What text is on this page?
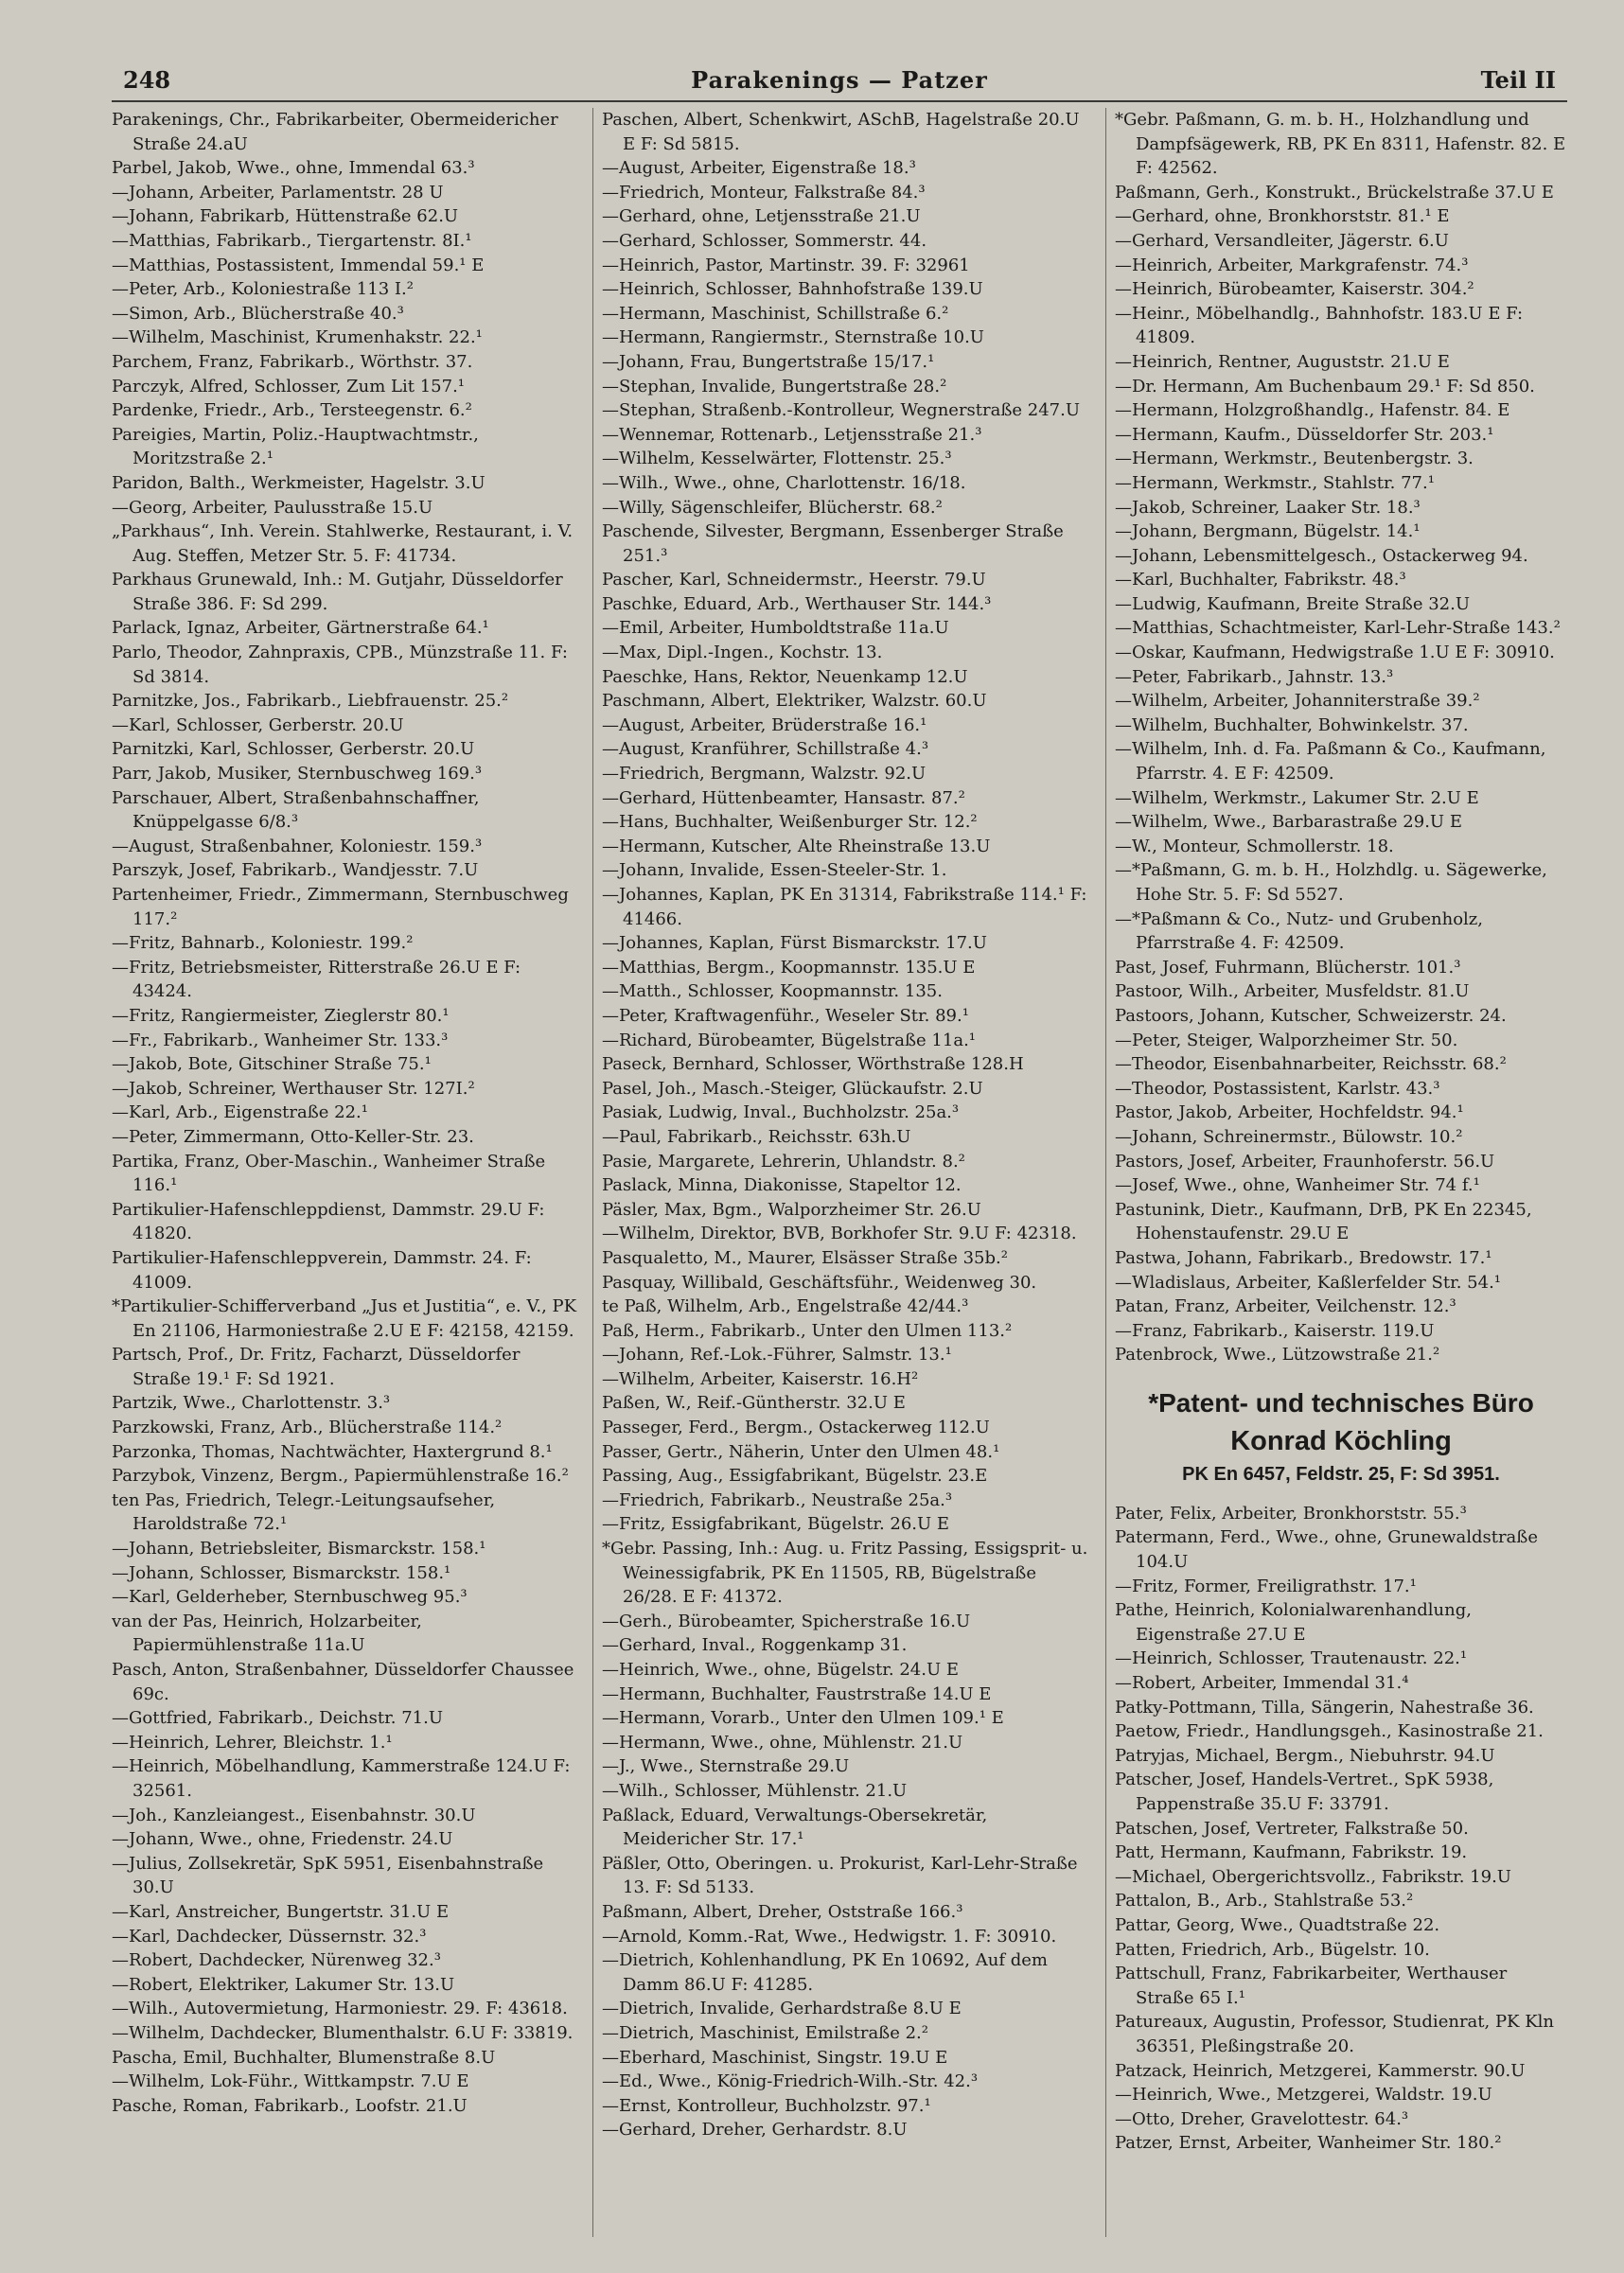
248	Parakenings — Patzer	Teil II
Parakenings, Chr., Fabrikarbeiter, Obermeidericher Straße 24.aU
Parbel, Jakob, Wwe., ohne, Immendal 63.³
—Johann, Arbeiter, Parlamentstr. 28 U
—Johann, Fabrikarb, Hüttenstraße 62.U
—Matthias, Fabrikarb., Tiergartenstr. 8I.¹
—Matthias, Postassistent, Immendal 59.¹ E
—Peter, Arb., Koloniestraße 113 I.²
—Simon, Arb., Blücherstraße 40.³
—Wilhelm, Maschinist, Krumenhakstr. 22.¹
Parchem, Franz, Fabrikarb., Wörthstr. 37.
Parczyk, Alfred, Schlosser, Zum Lit 157.¹
Pardenke, Friedr., Arb., Tersteegenstr. 6.²
Pareigies, Martin, Poliz.-Hauptwachtmstr., Moritzstraße 2.¹
Paridon, Balth., Werkmeister, Hagelstr. 3.U
—Georg, Arbeiter, Paulusstraße 15.U
„Parkhaus“, Inh. Verein. Stahlwerke, Restaurant, i. V. Aug. Steffen, Metzer Str. 5. F: 41734.
Parkhaus Grunewald, Inh.: M. Gutjahr, Düsseldorfer Straße 386. F: Sd 299.
Parlack, Ignaz, Arbeiter, Gärtnerstraße 64.¹
Parlo, Theodor, Zahnpraxis, CPB., Münzstraße 11. F: Sd 3814.
Parnitzke, Jos., Fabrikarb., Liebfrauenstr. 25.²
—Karl, Schlosser, Gerberstr. 20.U
Parnitzki, Karl, Schlosser, Gerberstr. 20.U
Parr, Jakob, Musiker, Sternbuschweg 169.³
Parschauer, Albert, Straßenbahnschaffner, Knüppelgasse 6/8.³
—August, Straßenbahner, Koloniestr. 159.³
Parszyk, Josef, Fabrikarb., Wandjesstr. 7.U
Partenheimer, Friedr., Zimmermann, Sternbuschweg 117.²
—Fritz, Bahnarb., Koloniestr. 199.²
—Fritz, Betriebsmeister, Ritterstraße 26.U E F: 43424.
—Fritz, Rangiermeister, Zieglerstr 80.¹
—Fr., Fabrikarb., Wanheimer Str. 133.³
—Jakob, Bote, Gitschiner Straße 75.¹
—Jakob, Schreiner, Werthauser Str. 127I.²
—Karl, Arb., Eigenstraße 22.¹
—Peter, Zimmermann, Otto-Keller-Str. 23.
Partika, Franz, Ober-Maschin., Wanheimer Straße 116.¹
Partikulier-Hafenschleppdienst, Dammstr. 29.U F: 41820.
Partikulier-Hafenschleppverein, Dammstr. 24. F: 41009.
*Partikulier-Schifferverband „Jus et Justitia“, e. V., PK En 21106, Harmoniestraße 2.U E F: 42158, 42159.
Partsch, Prof., Dr. Fritz, Facharzt, Düsseldorfer Straße 19.¹ F: Sd 1921.
Partzik, Wwe., Charlottenstr. 3.³
Parzkowski, Franz, Arb., Blücherstraße 114.²
Parzonka, Thomas, Nachtwächter, Haxtergrund 8.¹
Parzybok, Vinzenz, Bergm., Papiermühlenstraße 16.²
ten Pas, Friedrich, Telegr.-Leitungsaufseher, Haroldstraße 72.¹
—Johann, Betriebsleiter, Bismarckstr. 158.¹
—Johann, Schlosser, Bismarckstr. 158.¹
—Karl, Gelderheber, Sternbuschweg 95.³
van der Pas, Heinrich, Holzarbeiter, Papiermühlenstraße 11a.U
Pasch, Anton, Straßenbahner, Düsseldorfer Chaussee 69c.
—Gottfried, Fabrikarb., Deichstr. 71.U
—Heinrich, Lehrer, Bleichstr. 1.¹
—Heinrich, Möbelhandlung, Kammerstraße 124.U F: 32561.
—Joh., Kanzleiangest., Eisenbahnstr. 30.U
—Johann, Wwe., ohne, Friedenstr. 24.U
—Julius, Zollsekretär, SpK 5951, Eisenbahnstraße 30.U
—Karl, Anstreicher, Bungertstr. 31.U E
—Karl, Dachdecker, Düssernstr. 32.³
—Robert, Dachdecker, Nürenweg 32.³
—Robert, Elektriker, Lakumer Str. 13.U
—Wilh., Autovermietung, Harmoniestr. 29. F: 43618.
—Wilhelm, Dachdecker, Blumenthalstr. 6.U F: 33819.
Pascha, Emil, Buchhalter, Blumenstraße 8.U
—Wilhelm, Lok-Führ., Wittkampstr. 7.U E
Pasche, Roman, Fabrikarb., Loofstr. 21.U
Paschen, Albert, Schenkwirt, ASchB, Hagelstraße 20.U E F: Sd 5815.
—August, Arbeiter, Eigenstraße 18.³
—Friedrich, Monteur, Falkstraße 84.³
—Gerhard, ohne, Letjensstraße 21.U
—Gerhard, Schlosser, Sommerstr. 44.
—Heinrich, Pastor, Martinstr. 39. F: 32961
—Heinrich, Schlosser, Bahnhofstraße 139.U
—Hermann, Maschinist, Schillstraße 6.²
—Hermann, Rangiermstr., Sternstraße 10.U
—Johann, Frau, Bungertstraße 15/17.¹
—Stephan, Invalide, Bungertstraße 28.²
—Stephan, Straßenb.-Kontrolleur, Wegnerstraße 247.U
—Wennemar, Rottenarb., Letjensstraße 21.³
—Wilhelm, Kesselwärter, Flottenstr. 25.³
—Wilh., Wwe., ohne, Charlottenstr. 16/18.
—Willy, Sägenschleifer, Blücherstr. 68.²
Paschende, Silvester, Bergmann, Essenberger Straße 251.³
Pascher, Karl, Schneidermstr., Heerstr. 79.U
Paschke, Eduard, Arb., Werthauser Str. 144.³
—Emil, Arbeiter, Humboldtstraße 11a.U
—Max, Dipl.-Ingen., Kochstr. 13.
Paeschke, Hans, Rektor, Neuenkamp 12.U
Paschmann, Albert, Elektriker, Walzstr. 60.U
—August, Arbeiter, Brüderstraße 16.¹
—August, Kranführer, Schillstraße 4.³
—Friedrich, Bergmann, Walzstr. 92.U
—Gerhard, Hüttenbeamter, Hansastr. 87.²
—Hans, Buchhalter, Weißenburger Str. 12.²
—Hermann, Kutscher, Alte Rheinstraße 13.U
—Johann, Invalide, Essen-Steeler-Str. 1.
—Johannes, Kaplan, PK En 31314, Fabrikstraße 114.¹ F: 41466.
—Johannes, Kaplan, Fürst Bismarckstr. 17.U
—Matthias, Bergm., Koopmannstr. 135.U E
—Matth., Schlosser, Koopmannstr. 135.
—Peter, Kraftwagenführ., Weseler Str. 89.¹
—Richard, Bürobeamter, Bügelstraße 11a.¹
Paseck, Bernhard, Schlosser, Wörthstraße 128.H
Pasel, Joh., Masch.-Steiger, Glückaufstr. 2.U
Pasiak, Ludwig, Inval., Buchholzstr. 25a.³
—Paul, Fabrikarb., Reichsstr. 63h.U
Pasie, Margarete, Lehrerin, Uhlandstr. 8.²
Paslack, Minna, Diakonisse, Stapeltor 12.
Päsler, Max, Bgm., Walporzheimer Str. 26.U
—Wilhelm, Direktor, BVB, Borkhofer Str. 9.U F: 42318.
Pasqualetto, M., Maurer, Elsässer Straße 35b.²
Pasquay, Willibald, Geschäftsführ., Weidenweg 30.
te Paß, Wilhelm, Arb., Engelstraße 42/44.³
Paß, Herm., Fabrikarb., Unter den Ulmen 113.²
—Johann, Ref.-Lok.-Führer, Salmstr. 13.¹
—Wilhelm, Arbeiter, Kaiserstr. 16.H²
Paßen, W., Reif.-Güntherstr. 32.U E
Passeger, Ferd., Bergm., Ostackerweg 112.U
Passer, Gertr., Näherin, Unter den Ulmen 48.¹
Passing, Aug., Essigfabrikant, Bügelstr. 23.E
—Friedrich, Fabrikarb., Neustraße 25a.³
—Fritz, Essigfabrikant, Bügelstr. 26.U E
*Gebr. Passing, Inh.: Aug. u. Fritz Passing, Essigsprit- u. Weinessigfabrik, PK En 11505, RB, Bügelstraße 26/28. E F: 41372.
—Gerh., Bürobeamter, Spicherstraße 16.U
—Gerhard, Inval., Roggenkamp 31.
—Heinrich, Wwe., ohne, Bügelstr. 24.U E
—Hermann, Buchhalter, Faustrstraße 14.U E
—Hermann, Vorarb., Unter den Ulmen 109.¹ E
—Hermann, Wwe., ohne, Mühlenstr. 21.U
—J., Wwe., Sternstraße 29.U
—Wilh., Schlosser, Mühlenstr. 21.U
Paßlack, Eduard, Verwaltungs-Obersekretär, Meidericher Str. 17.¹
Päßler, Otto, Oberingen. u. Prokurist, Karl-Lehr-Straße 13. F: Sd 5133.
Paßmann, Albert, Dreher, Oststraße 166.³
—Arnold, Komm.-Rat, Wwe., Hedwigstr. 1. F: 30910.
—Dietrich, Kohlenhandlung, PK En 10692, Auf dem Damm 86.U F: 41285.
—Dietrich, Invalide, Gerhardstraße 8.U E
—Dietrich, Maschinist, Emilstraße 2.²
—Eberhard, Maschinist, Singstr. 19.U E
—Ed., Wwe., König-Friedrich-Wilh.-Str. 42.³
—Ernst, Kontrolleur, Buchholzstr. 97.¹
—Gerhard, Dreher, Gerhardstr. 8.U
*Gebr. Paßmann, G. m. b. H., Holzhandlung und Dampfsägewerk, RB, PK En 8311, Hafenstr. 82. E F: 42562.
Paßmann, Gerh., Konstrukt., Brückelstraße 37.U E
—Gerhard, ohne, Bronkhorststr. 81.¹ E
—Gerhard, Versandleiter, Jägerstr. 6.U
—Heinrich, Arbeiter, Markgrafenstr. 74.³
—Heinrich, Bürobeamter, Kaiserstr. 304.²
—Heinr., Möbelhandlg., Bahnhofstr. 183.U E F: 41809.
—Heinrich, Rentner, Auguststr. 21.U E
—Dr. Hermann, Am Buchenbaum 29.¹ F: Sd 850.
—Hermann, Holzgroßhandlg., Hafenstr. 84. E
—Hermann, Kaufm., Düsseldorfer Str. 203.¹
—Hermann, Werkmstr., Beutenbergstr. 3.
—Hermann, Werkmstr., Stahlstr. 77.¹
—Jakob, Schreiner, Laaker Str. 18.³
—Johann, Bergmann, Bügelstr. 14.¹
—Johann, Lebensmittelgesch., Ostackerweg 94.
—Karl, Buchhalter, Fabrikstr. 48.³
—Ludwig, Kaufmann, Breite Straße 32.U
—Matthias, Schachtmeister, Karl-Lehr-Straße 143.²
—Oskar, Kaufmann, Hedwigstraße 1.U E F: 30910.
—Peter, Fabrikarb., Jahnstr. 13.³
—Wilhelm, Arbeiter, Johanniterstraße 39.²
—Wilhelm, Buchhalter, Bohwinkelstr. 37.
—Wilhelm, Inh. d. Fa. Paßmann & Co., Kaufmann, Pfarrstr. 4. E F: 42509.
—Wilhelm, Werkmstr., Lakumer Str. 2.U E
—Wilhelm, Wwe., Barbarastraße 29.U E
—W., Monteur, Schmollerstr. 18.
—*Paßmann, G. m. b. H., Holzhdlg. u. Sägewerke, Hohe Str. 5. F: Sd 5527.
—*Paßmann & Co., Nutz- und Grubenholz, Pfarrstraße 4. F: 42509.
Past, Josef, Fuhrmann, Blücherstr. 101.³
Pastoor, Wilh., Arbeiter, Musfeldstr. 81.U
Pastoors, Johann, Kutscher, Schweizerstr. 24.
—Peter, Steiger, Walporzheimer Str. 50.
—Theodor, Eisenbahnarbeiter, Reichsstr. 68.²
—Theodor, Postassistent, Karlstr. 43.³
Pastor, Jakob, Arbeiter, Hochfeldstr. 94.¹
—Johann, Schreinermstr., Bülowstr. 10.²
Pastors, Josef, Arbeiter, Fraunhoferstr. 56.U
—Josef, Wwe., ohne, Wanheimer Str. 74 f.¹
Pastunink, Dietr., Kaufmann, DrB, PK En 22345, Hohenstaufenstr. 29.U E
Pastwa, Johann, Fabrikarb., Bredowstr. 17.¹
—Wladislaus, Arbeiter, Kaßlerfelder Str. 54.¹
Patan, Franz, Arbeiter, Veilchenstr. 12.³
—Franz, Fabrikarb., Kaiserstr. 119.U
Patenbrock, Wwe., Lützowstraße 21.²
*Patent- und technisches Büro
Konrad Köchling
PK En 6457, Feldstr. 25, F: Sd 3951.
Pater, Felix, Arbeiter, Bronkhorststr. 55.³
Patermann, Ferd., Wwe., ohne, Grunewaldstraße 104.U
—Fritz, Former, Freiligrathstr. 17.¹
Pathe, Heinrich, Kolonialwarenhandlung, Eigenstraße 27.U E
—Heinrich, Schlosser, Trautenaustr. 22.¹
—Robert, Arbeiter, Immendal 31.⁴
Patky-Pottmann, Tilla, Sängerin, Nahestraße 36.
Paetow, Friedr., Handlungsgeh., Kasinostraße 21.
Patryjas, Michael, Bergm., Niebuhrstr. 94.U
Patscher, Josef, Handels-Vertret., SpK 5938, Pappenstraße 35.U F: 33791.
Patschen, Josef, Vertreter, Falkstraße 50.
Patt, Hermann, Kaufmann, Fabrikstr. 19.
—Michael, Obergerichtsvollz., Fabrikstr. 19.U
Pattalon, B., Arb., Stahlstraße 53.²
Pattar, Georg, Wwe., Quadtstraße 22.
Patten, Friedrich, Arb., Bügelstr. 10.
Pattschull, Franz, Fabrikarbeiter, Werthauser Straße 65 I.¹
Patureaux, Augustin, Professor, Studienrat, PK Kln 36351, Pleßingstraße 20.
Patzack, Heinrich, Metzgerei, Kammerstr. 90.U
—Heinrich, Wwe., Metzgerei, Waldstr. 19.U
—Otto, Dreher, Gravelottestr. 64.³
Patzer, Ernst, Arbeiter, Wanheimer Str. 180.²
